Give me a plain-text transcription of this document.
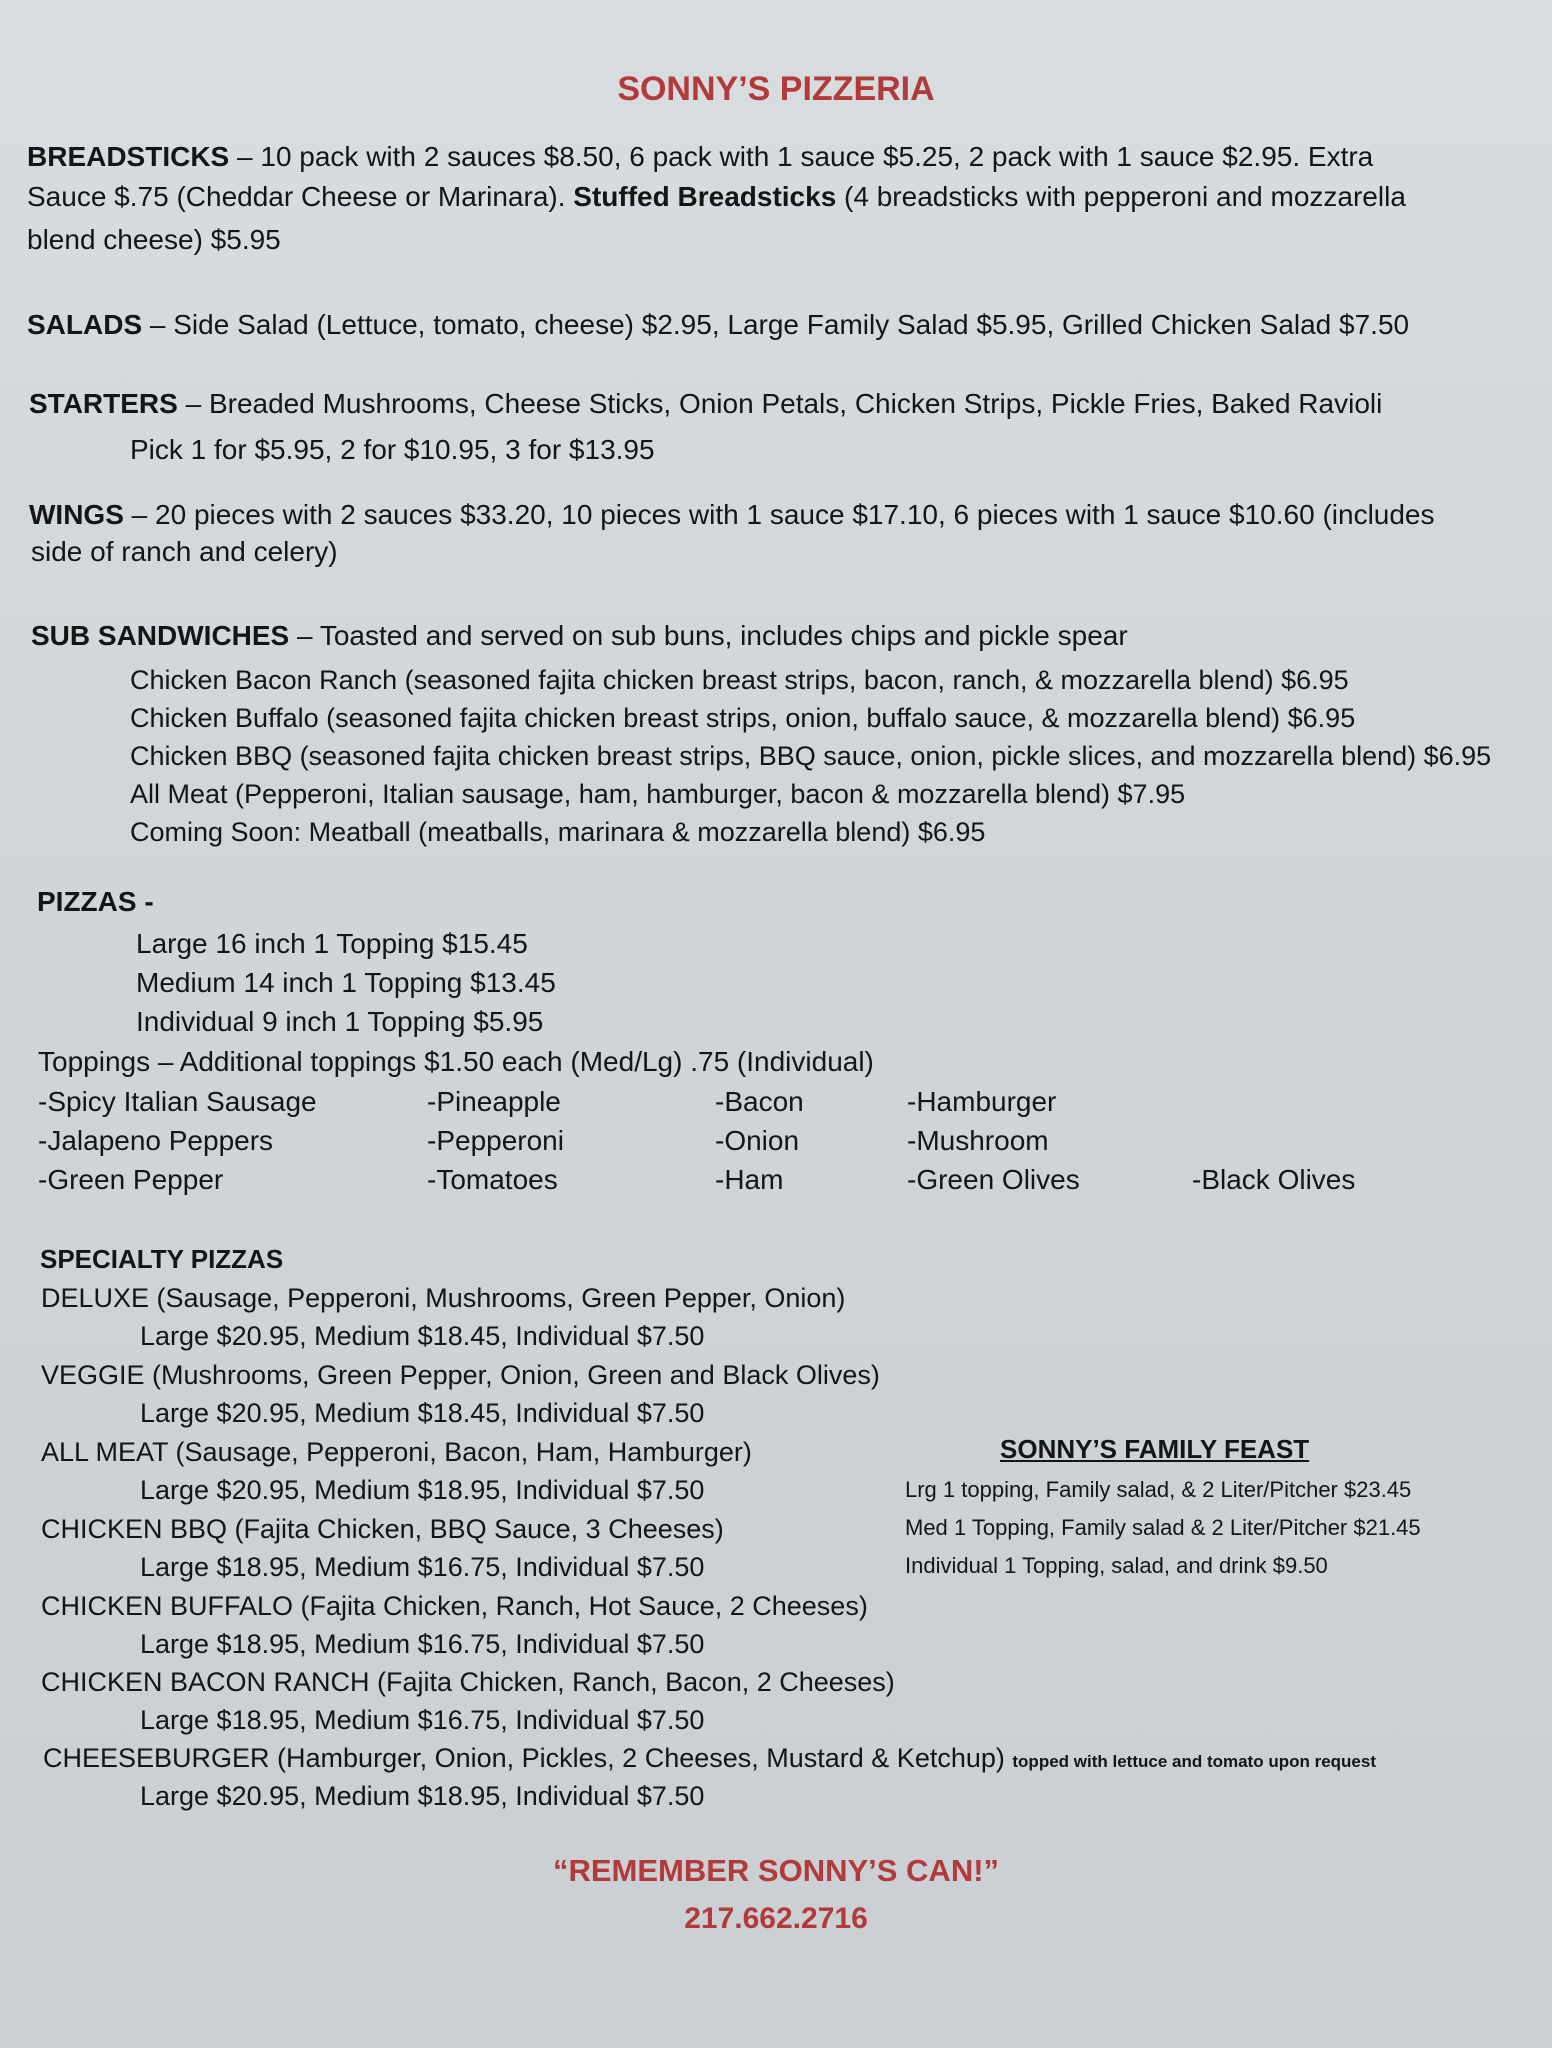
SONNY’S PIZZERIA
BREADSTICKS – 10 pack with 2 sauces $8.50, 6 pack with 1 sauce $5.25, 2 pack with 1 sauce $2.95. Extra
Sauce $.75 (Cheddar Cheese or Marinara). Stuffed Breadsticks (4 breadsticks with pepperoni and mozzarella
blend cheese) $5.95
SALADS – Side Salad (Lettuce, tomato, cheese) $2.95, Large Family Salad $5.95, Grilled Chicken Salad $7.50
STARTERS – Breaded Mushrooms, Cheese Sticks, Onion Petals, Chicken Strips, Pickle Fries, Baked Ravioli
Pick 1 for $5.95, 2 for $10.95, 3 for $13.95
WINGS – 20 pieces with 2 sauces $33.20, 10 pieces with 1 sauce $17.10, 6 pieces with 1 sauce $10.60 (includes
side of ranch and celery)
SUB SANDWICHES – Toasted and served on sub buns, includes chips and pickle spear
Chicken Bacon Ranch (seasoned fajita chicken breast strips, bacon, ranch, & mozzarella blend) $6.95
Chicken Buffalo (seasoned fajita chicken breast strips, onion, buffalo sauce, & mozzarella blend) $6.95
Chicken BBQ (seasoned fajita chicken breast strips, BBQ sauce, onion, pickle slices, and mozzarella blend) $6.95
All Meat (Pepperoni, Italian sausage, ham, hamburger, bacon & mozzarella blend) $7.95
Coming Soon: Meatball (meatballs, marinara & mozzarella blend) $6.95
PIZZAS -
Large 16 inch 1 Topping $15.45
Medium 14 inch 1 Topping $13.45
Individual 9 inch 1 Topping $5.95
Toppings – Additional toppings $1.50 each (Med/Lg) .75 (Individual)
-Spicy Italian Sausage	-Pineapple	-Bacon	-Hamburger
-Jalapeno Peppers	-Pepperoni	-Onion	-Mushroom
-Green Pepper	-Tomatoes	-Ham	-Green Olives	-Black Olives
SPECIALTY PIZZAS
DELUXE (Sausage, Pepperoni, Mushrooms, Green Pepper, Onion)
Large $20.95, Medium $18.45, Individual $7.50
VEGGIE (Mushrooms, Green Pepper, Onion, Green and Black Olives)
Large $20.95, Medium $18.45, Individual $7.50
ALL MEAT (Sausage, Pepperoni, Bacon, Ham, Hamburger)
Large $20.95, Medium $18.95, Individual $7.50
CHICKEN BBQ (Fajita Chicken, BBQ Sauce, 3 Cheeses)
Large $18.95, Medium $16.75, Individual $7.50
CHICKEN BUFFALO (Fajita Chicken, Ranch, Hot Sauce, 2 Cheeses)
Large $18.95, Medium $16.75, Individual $7.50
CHICKEN BACON RANCH (Fajita Chicken, Ranch, Bacon, 2 Cheeses)
Large $18.95, Medium $16.75, Individual $7.50
CHEESEBURGER (Hamburger, Onion, Pickles, 2 Cheeses, Mustard & Ketchup) topped with lettuce and tomato upon request
Large $20.95, Medium $18.95, Individual $7.50
SONNY’S FAMILY FEAST
Lrg 1 topping, Family salad, & 2 Liter/Pitcher $23.45
Med 1 Topping, Family salad & 2 Liter/Pitcher $21.45
Individual 1 Topping, salad, and drink $9.50
“REMEMBER SONNY’S CAN!”
217.662.2716
